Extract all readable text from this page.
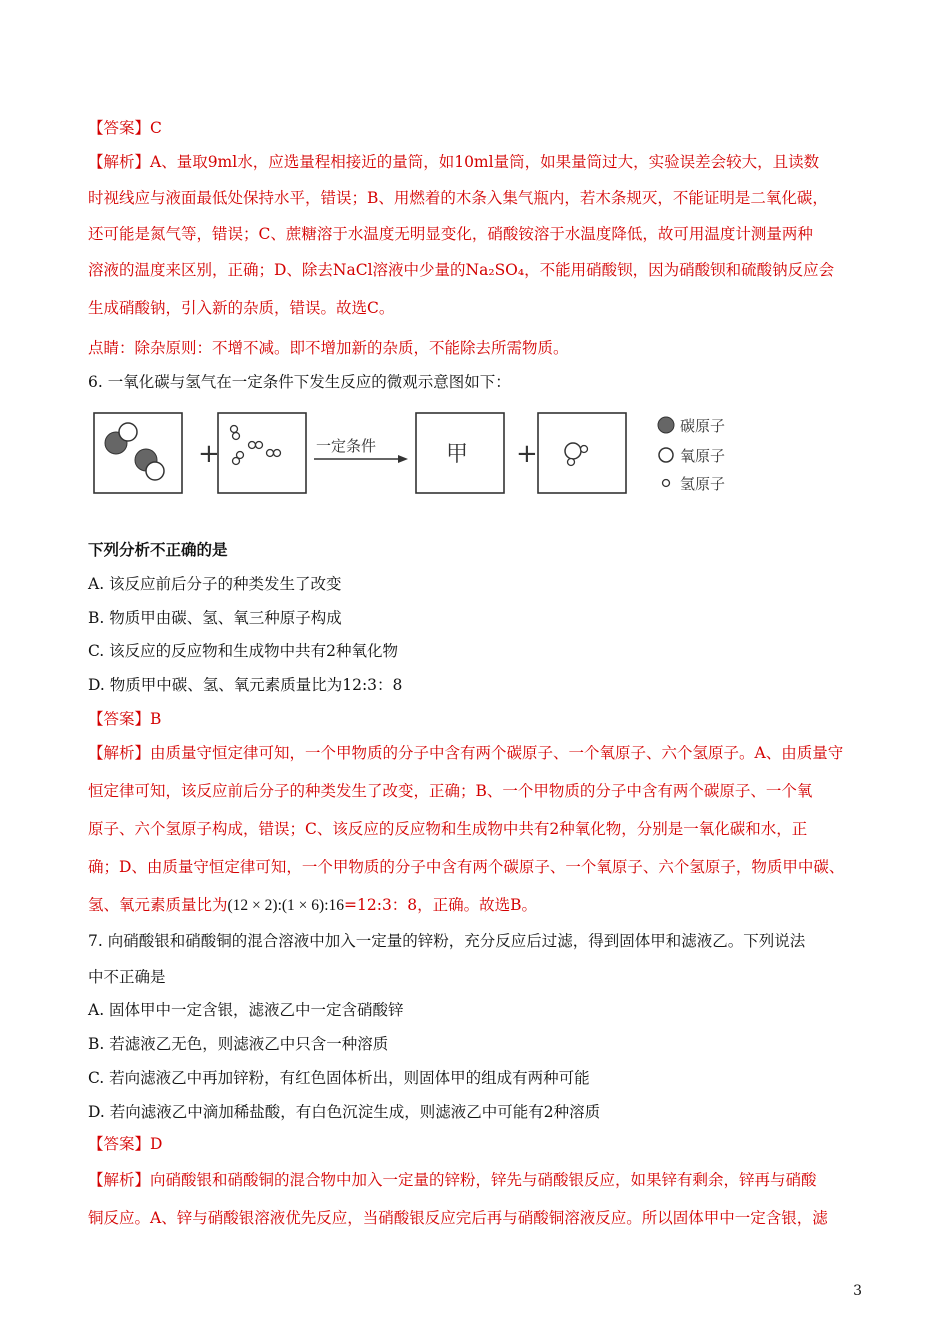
【答案】C
【解析】A、量取9ml水，应选量程相接近的量筒，如10ml量筒，如果量筒过大，实验误差会较大，且读数
时视线应与液面最低处保持水平，错误；B、用燃着的木条入集气瓶内，若木条规灭，不能证明是二氧化碳，
还可能是氮气等，错误；C、蔗糖溶于水温度无明显变化，硝酸铵溶于水温度降低，故可用温度计测量两种
溶液的温度来区别，正确；D、除去NaCl溶液中少量的Na₂SO₄，不能用硝酸钡，因为硝酸钡和硫酸钠反应会
生成硝酸钠，引入新的杂质，错误。故选C。
点睛：除杂原则：不增不减。即不增加新的杂质，不能除去所需物质。
6. 一氧化碳与氢气在一定条件下发生反应的微观示意图如下：
+	一定条件	甲 +
碳原子
氧原子
氢原子
下列分析不正确的是
A. 该反应前后分子的种类发生了改变
B. 物质甲由碳、氢、氧三种原子构成
C. 该反应的反应物和生成物中共有2种氧化物
D. 物质甲中碳、氢、氧元素质量比为12:3：8
【答案】B
【解析】由质量守恒定律可知，一个甲物质的分子中含有两个碳原子、一个氧原子、六个氢原子。A、由质量守
恒定律可知，该反应前后分子的种类发生了改变，正确；B、一个甲物质的分子中含有两个碳原子、一个氧
原子、六个氢原子构成，错误；C、该反应的反应物和生成物中共有2种氧化物，分别是一氧化碳和水，正
确；D、由质量守恒定律可知，一个甲物质的分子中含有两个碳原子、一个氧原子、六个氢原子，物质甲中碳、
氢、氧元素质量比为(12 × 2):(1 × 6):16=12:3：8，正确。故选B。
7. 向硝酸银和硝酸铜的混合溶液中加入一定量的锌粉，充分反应后过滤，得到固体甲和滤液乙。下列说法
中不正确是
A. 固体甲中一定含银，滤液乙中一定含硝酸锌
B. 若滤液乙无色，则滤液乙中只含一种溶质
C. 若向滤液乙中再加锌粉，有红色固体析出，则固体甲的组成有两种可能
D. 若向滤液乙中滴加稀盐酸，有白色沉淀生成，则滤液乙中可能有2种溶质
【答案】D
【解析】向硝酸银和硝酸铜的混合物中加入一定量的锌粉，锌先与硝酸银反应，如果锌有剩余，锌再与硝酸
铜反应。A、锌与硝酸银溶液优先反应，当硝酸银反应完后再与硝酸铜溶液反应。所以固体甲中一定含银，滤
3
